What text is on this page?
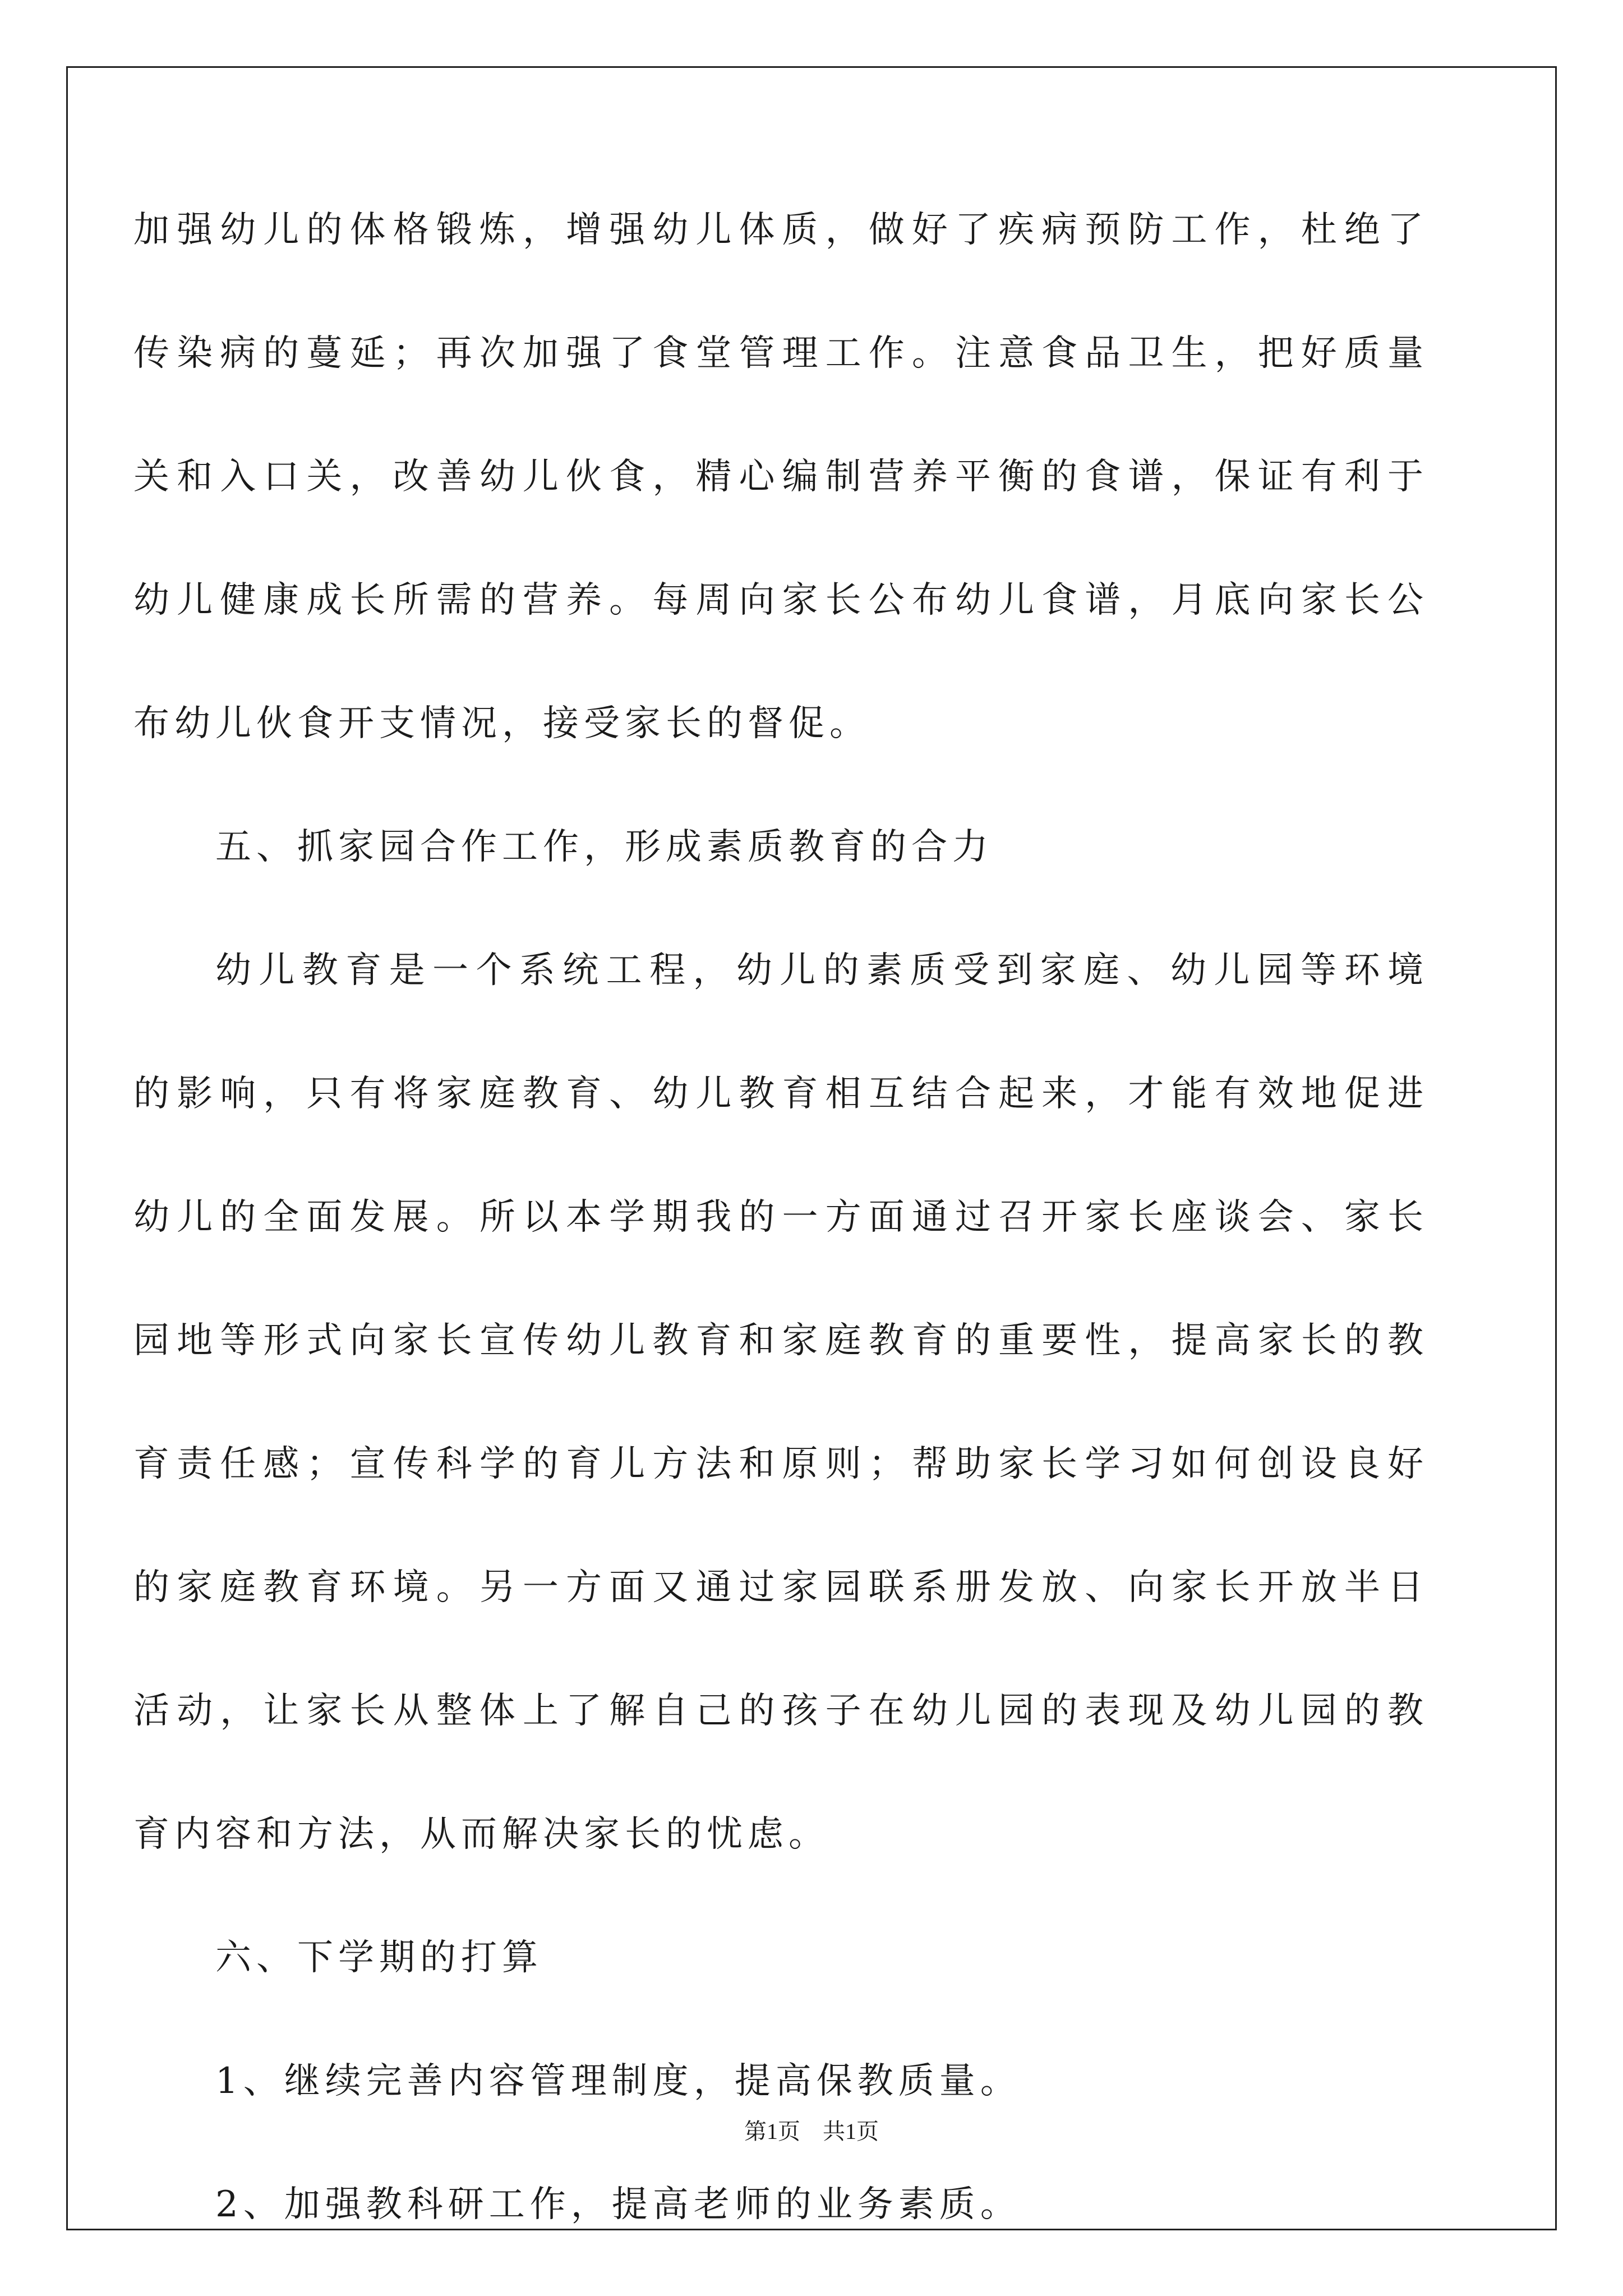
加强幼儿的体格锻炼，增强幼儿体质，做好了疾病预防工作，杜绝了
传染病的蔓延；再次加强了食堂管理工作。注意食品卫生，把好质量
关和入口关，改善幼儿伙食，精心编制营养平衡的食谱，保证有利于
幼儿健康成长所需的营养。每周向家长公布幼儿食谱，月底向家长公
布幼儿伙食开支情况，接受家长的督促。
五、抓家园合作工作，形成素质教育的合力
幼儿教育是一个系统工程，幼儿的素质受到家庭、幼儿园等环境
的影响，只有将家庭教育、幼儿教育相互结合起来，才能有效地促进
幼儿的全面发展。所以本学期我的一方面通过召开家长座谈会、家长
园地等形式向家长宣传幼儿教育和家庭教育的重要性，提高家长的教
育责任感；宣传科学的育儿方法和原则；帮助家长学习如何创设良好
的家庭教育环境。另一方面又通过家园联系册发放、向家长开放半日
活动，让家长从整体上了解自己的孩子在幼儿园的表现及幼儿园的教
育内容和方法，从而解决家长的忧虑。
六、下学期的打算
1、继续完善内容管理制度，提高保教质量。
2、加强教科研工作，提高老师的业务素质。
第1页 共1页
